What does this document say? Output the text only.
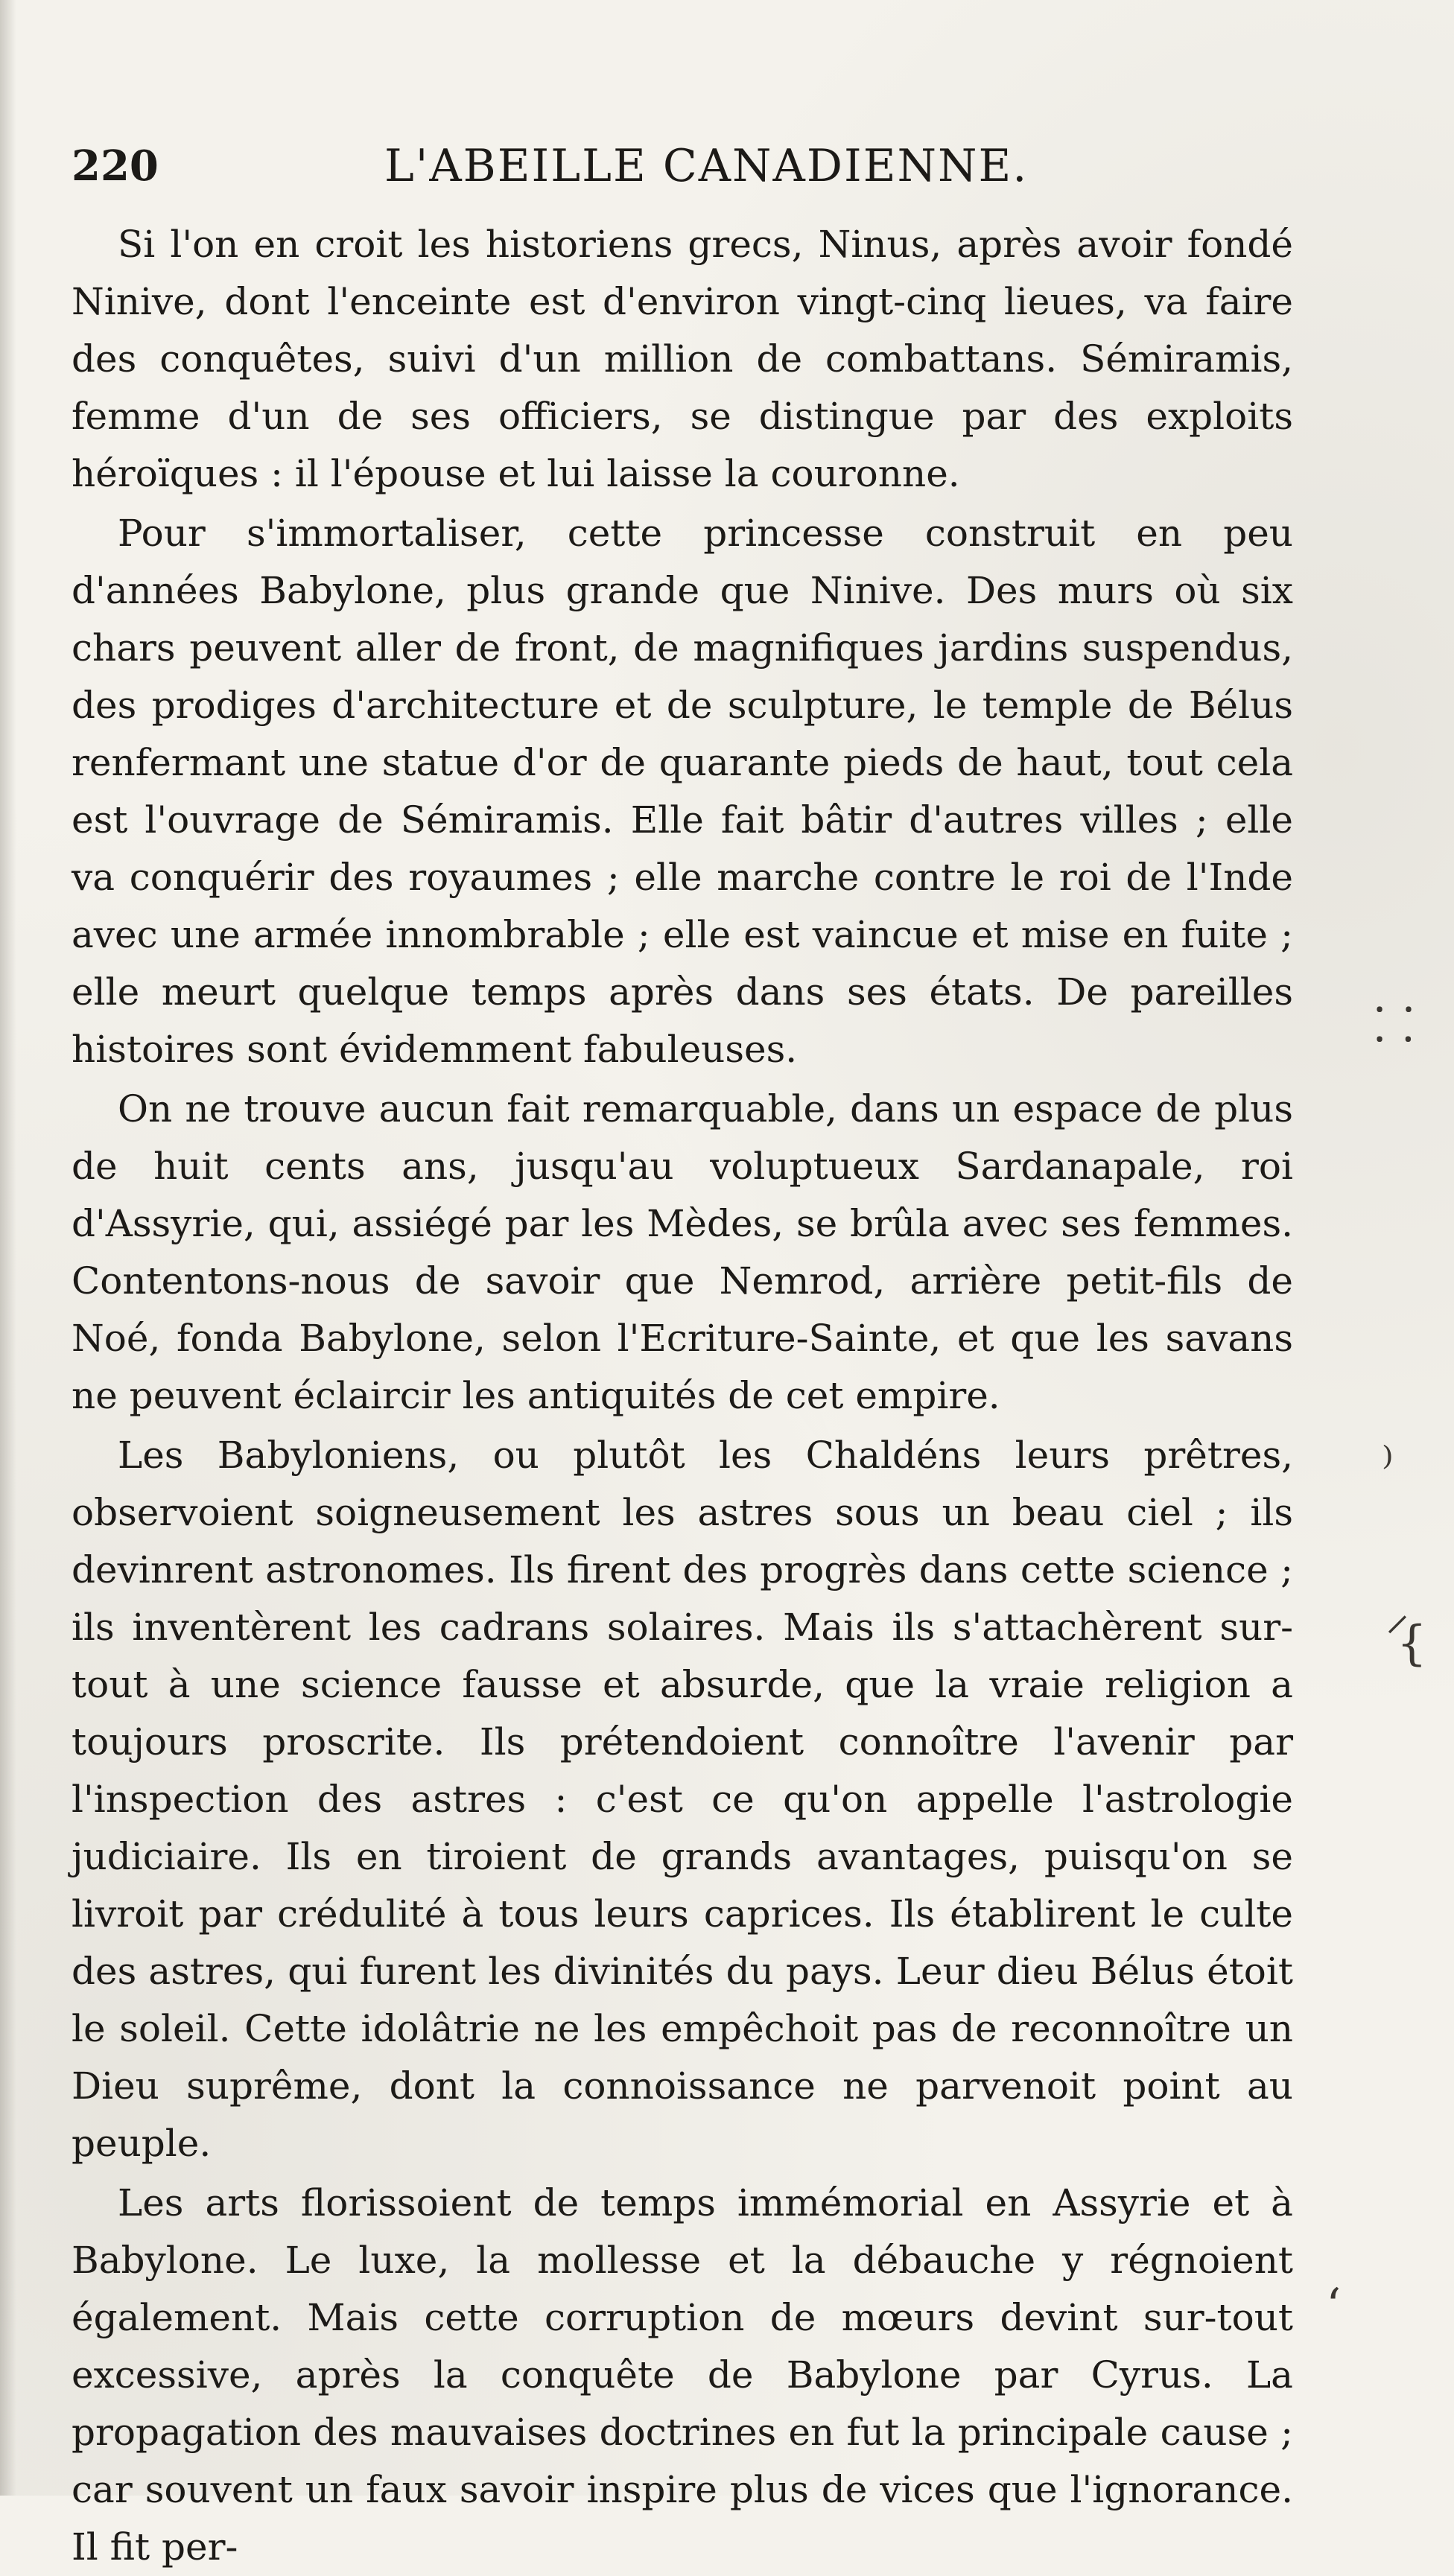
220	L'ABEILLE CANADIENNE.

Si l'on en croit les historiens grecs, Ninus, après avoir fondé Ninive, dont l'enceinte est d'environ vingt-cinq lieues, va faire des conquêtes, suivi d'un million de combattans. Sémiramis, femme d'un de ses officiers, se distingue par des exploits héroïques : il l'épouse et lui laisse la couronne.

Pour s'immortaliser, cette princesse construit en peu d'années Babylone, plus grande que Ninive. Des murs où six chars peuvent aller de front, de magnifiques jardins suspendus, des prodiges d'architecture et de sculpture, le temple de Bélus renfermant une statue d'or de quarante pieds de haut, tout cela est l'ouvrage de Sémiramis. Elle fait bâtir d'autres villes ; elle va conquérir des royaumes ; elle marche contre le roi de l'Inde avec une armée innombrable ; elle est vaincue et mise en fuite ; elle meurt quelque temps après dans ses états. De pareilles histoires sont évidemment fabuleuses.

On ne trouve aucun fait remarquable, dans un espace de plus de huit cents ans, jusqu'au voluptueux Sardanapale, roi d'Assyrie, qui, assiégé par les Mèdes, se brûla avec ses femmes. Contentons-nous de savoir que Nemrod, arrière petit-fils de Noé, fonda Babylone, selon l'Ecriture-Sainte, et que les savans ne peuvent éclaircir les antiquités de cet empire.

Les Babyloniens, ou plutôt les Chaldéns leurs prêtres, observoient soigneusement les astres sous un beau ciel ; ils devinrent astronomes. Ils firent des progrès dans cette science ; ils inventèrent les cadrans solaires. Mais ils s'attachèrent sur-tout à une science fausse et absurde, que la vraie religion a toujours proscrite. Ils prétendoient connoître l'avenir par l'inspection des astres : c'est ce qu'on appelle l'astrologie judiciaire. Ils en tiroient de grands avantages, puisqu'on se livroit par crédulité à tous leurs caprices. Ils établirent le culte des astres, qui furent les divinités du pays. Leur dieu Bélus étoit le soleil. Cette idolâtrie ne les empêchoit pas de reconnoître un Dieu suprême, dont la connoissance ne parvenoit point au peuple.

Les arts florissoient de temps immémorial en Assyrie et à Babylone. Le luxe, la mollesse et la débauche y régnoient également. Mais cette corruption de mœurs devint sur-tout excessive, après la conquête de Babylone par Cyrus. La propagation des mauvaises doctrines en fut la principale cause ; car souvent un faux savoir inspire plus de vices que l'ignorance. Il fit per-

⸬
⁾
⸝
{
ʻ
